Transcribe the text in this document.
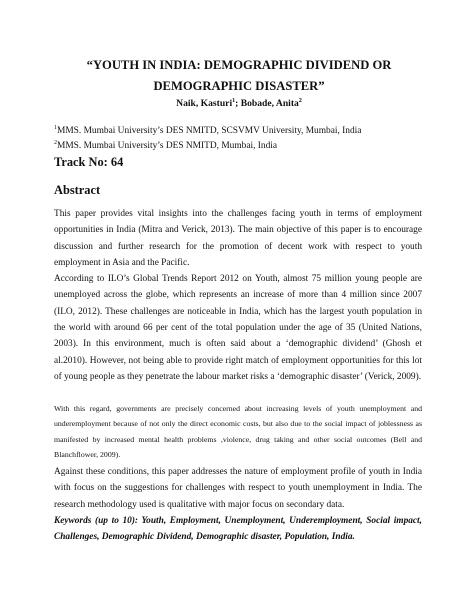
“YOUTH IN INDIA: DEMOGRAPHIC DIVIDEND OR DEMOGRAPHIC DISASTER”
Naik, Kasturi$^1$; Bobade, Anita$^2$
$^1$MMS. Mumbai University’s DES NMITD, SCSVMV University, Mumbai, India
$^2$MMS. Mumbai University’s DES NMITD, Mumbai, India
Track No: 64
Abstract

This paper provides vital insights into the challenges facing youth in terms of employment opportunities in India (Mitra and Verick, 2013). The main objective of this paper is to encourage discussion and further research for the promotion of decent work with respect to youth employment in Asia and the Pacific.

According to ILO’s Global Trends Report 2012 on Youth, almost 75 million young people are unemployed across the globe, which represents an increase of more than 4 million since 2007 (ILO, 2012). These challenges are noticeable in India, which has the largest youth population in the world with around 66 per cent of the total population under the age of 35 (United Nations, 2003). In this environment, much is often said about a ‘demographic dividend’ (Ghosh et al.2010). However, not being able to provide right match of employment opportunities for this lot of young people as they penetrate the labour market risks a ‘demographic disaster’ (Verick, 2009).

With this regard, governments are precisely concerned about increasing levels of youth unemployment and underemployment because of not only the direct economic costs, but also due to the social impact of joblessness as manifested by increased mental health problems ,violence, drug taking and other social outcomes (Bell and Blanchflower, 2009).

Against these conditions, this paper addresses the nature of employment profile of youth in India with focus on the suggestions for challenges with respect to youth unemployment in India. The research methodology used is qualitative with major focus on secondary data.

Keywords (up to 10): Youth, Employment, Unemployment, Underemployment, Social impact, Challenges, Demographic Dividend, Demographic disaster, Population, India.
